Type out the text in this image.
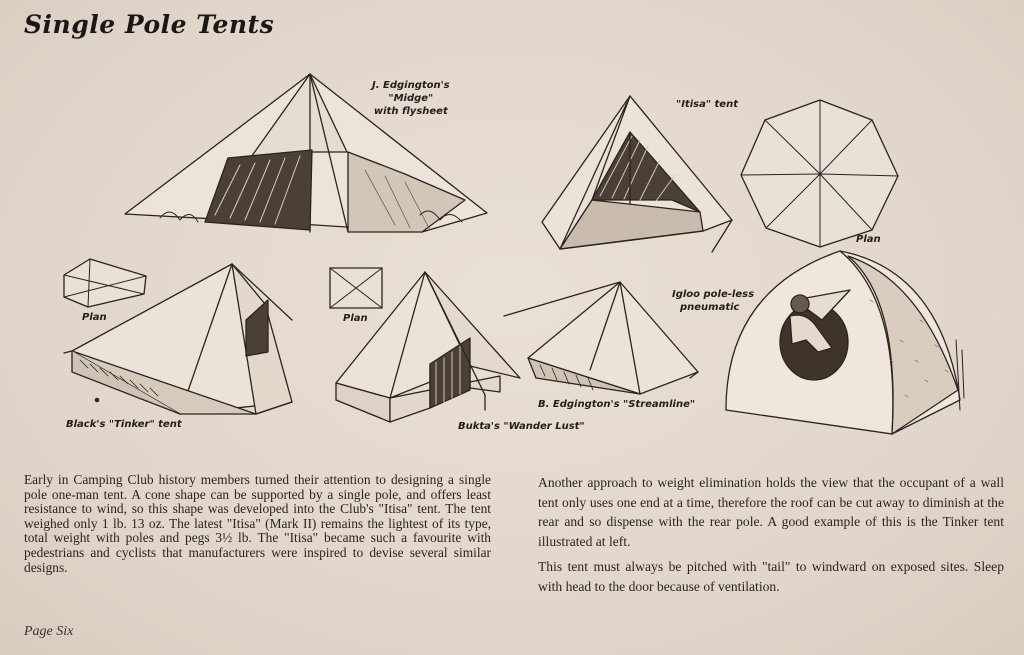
Single Pole Tents
J. Edgington's
"Midge"
with flysheet
"Itisa" tent
Plan
Igloo pole-less
pneumatic
Plan	Plan
Black's "Tinker" tent
B. Edgington's "Streamline"
Bukta's "Wander Lust"

Early in Camping Club history members turned their attention to designing a single pole one-man tent. A cone shape can be supported by a single pole, and offers least resistance to wind, so this shape was developed into the Club's "Itisa" tent. The tent weighed only 1 lb. 13 oz. The latest "Itisa" (Mark II) remains the lightest of its type, total weight with poles and pegs 3½ lb. The "Itisa" became such a favourite with pedestrians and cyclists that manufacturers were inspired to devise several similar designs.

Another approach to weight elimination holds the view that the occupant of a wall tent only uses one end at a time, therefore the roof can be cut away to diminish at the rear and so dispense with the rear pole. A good example of this is the Tinker tent illustrated at left.

This tent must always be pitched with "tail" to windward on exposed sites. Sleep with head to the door because of ventilation.

Page Six
